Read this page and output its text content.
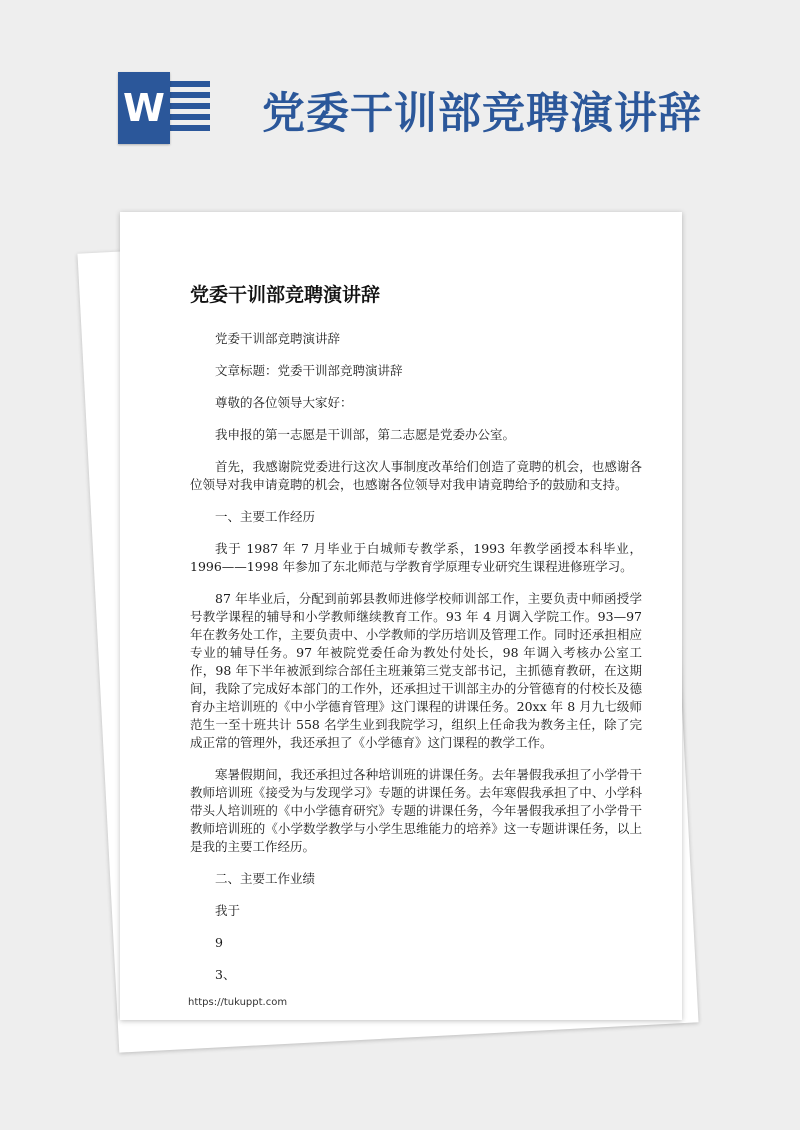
W 党委干训部竞聘演讲辞
党委干训部竞聘演讲辞

党委干训部竞聘演讲辞

文章标题：党委干训部竞聘演讲辞

尊敬的各位领导大家好：

我申报的第一志愿是干训部，第二志愿是党委办公室。

首先，我感谢院党委进行这次人事制度改革给们创造了竟聘的机会，也感谢各位领导对我申请竟聘的机会，也感谢各位领导对我申请竟聘给予的鼓励和支持。

一、主要工作经历

我于 1987 年 7 月毕业于白城师专教学系，1993 年教学函授本科毕业，1996——1998 年参加了东北师范与学教育学原理专业研究生课程进修班学习。

87 年毕业后，分配到前郭县教师进修学校师训部工作，主要负责中师函授学号教学课程的辅导和小学教师继续教育工作。93 年 4 月调入学院工作。93—97 年在教务处工作，主要负责中、小学教师的学历培训及管理工作。同时还承担相应专业的辅导任务。97 年被院党委任命为教处付处长，98 年调入考核办公室工作，98 年下半年被派到综合部任主班兼第三党支部书记，主抓德育教研，在这期间，我除了完成好本部门的工作外，还承担过干训部主办的分管德育的付校长及德育办主培训班的《中小学德育管理》这门课程的讲课任务。20xx 年 8 月九七级师范生一至十班共计 558 名学生业到我院学习，组织上任命我为教务主任，除了完成正常的管理外，我还承担了《小学德育》这门课程的教学工作。

寒暑假期间，我还承担过各种培训班的讲课任务。去年暑假我承担了小学骨干教师培训班《接受为与发现学习》专题的讲课任务。去年寒假我承担了中、小学科带头人培训班的《中小学德育研究》专题的讲课任务，今年暑假我承担了小学骨干教师培训班的《小学数学教学与小学生思维能力的培养》这一专题讲课任务，以上是我的主要工作经历。

二、主要工作业绩

我于

9

3、

https://tukuppt.com
